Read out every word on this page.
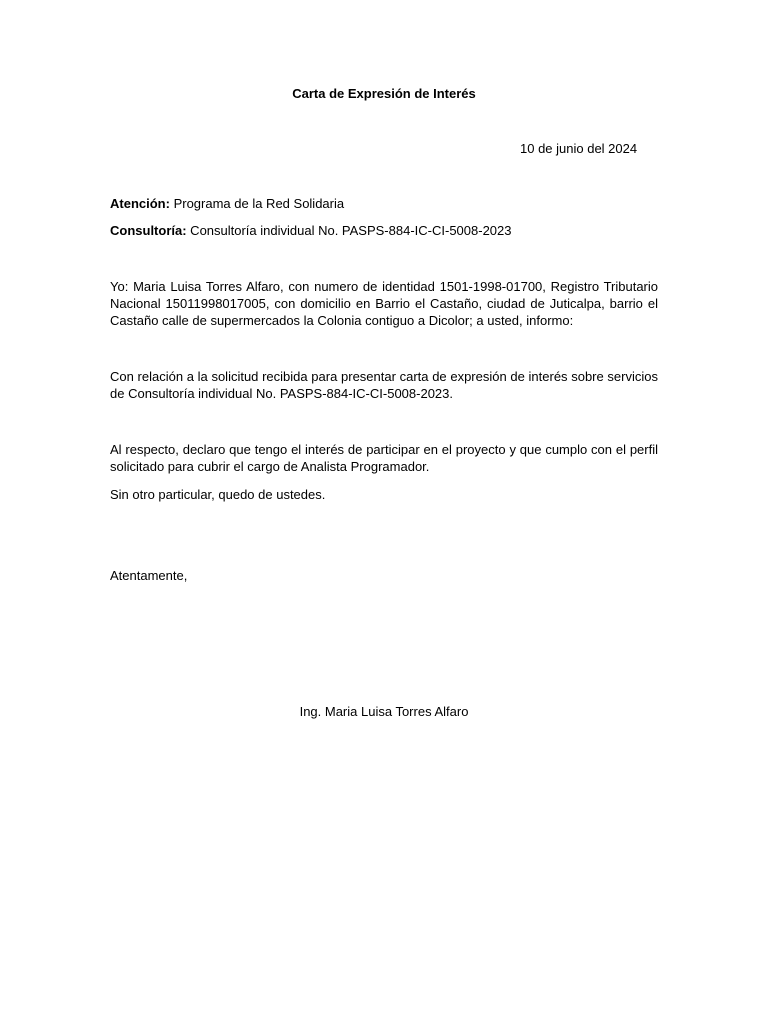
Carta de Expresión de Interés
10 de junio del 2024
Atención: Programa de la Red Solidaria
Consultoría: Consultoría individual No. PASPS-884-IC-CI-5008-2023
Yo: Maria Luisa Torres Alfaro, con numero de identidad 1501-1998-01700, Registro Tributario Nacional 15011998017005, con domicilio en Barrio el Castaño, ciudad de Juticalpa, barrio el Castaño calle de supermercados la Colonia contiguo a Dicolor; a usted, informo:
Con relación a la solicitud recibida para presentar carta de expresión de interés sobre servicios de Consultoría individual No. PASPS-884-IC-CI-5008-2023.
Al respecto, declaro que tengo el interés de participar en el proyecto y que cumplo con el perfil solicitado para cubrir el cargo de Analista Programador.
Sin otro particular, quedo de ustedes.
Atentamente,
Ing. Maria Luisa Torres Alfaro
